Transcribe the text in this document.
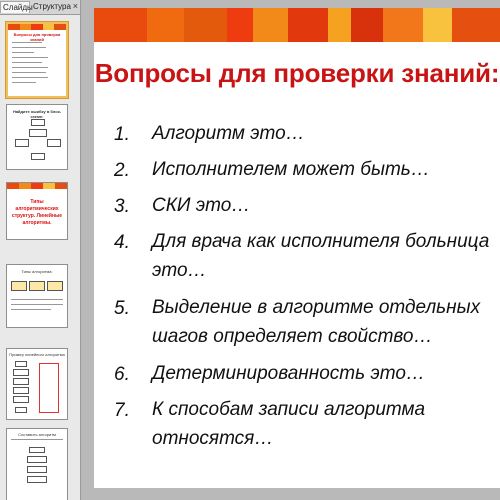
Слайды Структура ×
Вопросы для проверки знаний
Найдите ошибку в блок-схеме:
Типы алгоритмических структур. Линейные алгоритмы.
Типы алгоритма:
Пример линейного алгоритма
Составить алгоритм
Вопросы для проверки знаний:
1.	Алгоритм это…
2.	Исполнителем может быть…
3.	СКИ это…
4.	Для врача как исполнителя больница это…
5.	Выделение в алгоритме отдельных шагов определяет свойство…
6.	Детерминированность это…
7.	К способам записи алгоритма относятся…
